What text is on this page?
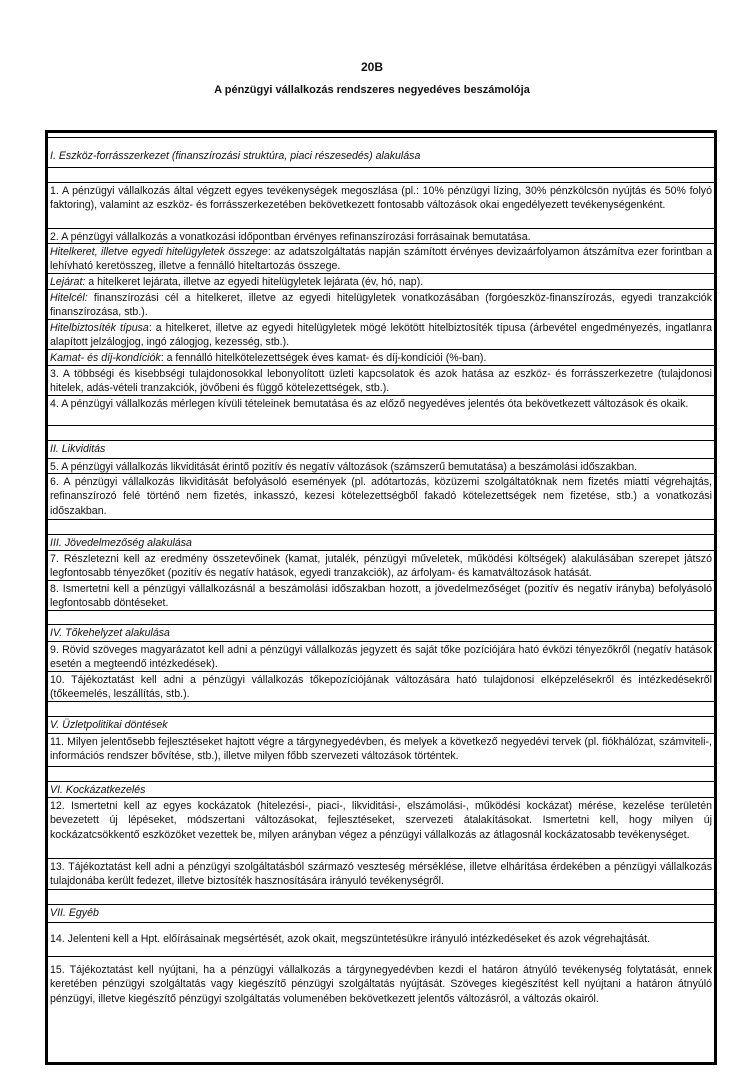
20B
A pénzügyi vállalkozás rendszeres negyedéves beszámolója
I. Eszköz-forrásszerkezet (finanszírozási struktúra, piaci részesedés) alakulása
1. A pénzügyi vállalkozás által végzett egyes tevékenységek megoszlása (pl.: 10% pénzügyi lízing, 30% pénzkölcsön nyújtás és 50% folyó faktoring), valamint az eszköz- és forrásszerkezetében bekövetkezett fontosabb változások okai engedélyezett tevékenységenként.
2. A pénzügyi vállalkozás a vonatkozási időpontban érvényes refinanszírozási forrásainak bemutatása.
Hitelkeret, illetve egyedi hitelügyletek összege: az adatszolgáltatás napján számított érvényes devizaárfolyamon átszámítva ezer forintban a lehívható keretösszeg, illetve a fennálló hiteltartozás összege.
Lejárat: a hitelkeret lejárata, illetve az egyedi hitelügyletek lejárata (év, hó, nap).
Hitelcél: finanszírozási cél a hitelkeret, illetve az egyedi hitelügyletek vonatkozásában (forgóeszköz-finanszírozás, egyedi tranzakciók finanszírozása, stb.).
Hitelbiztosíték típusa: a hitelkeret, illetve az egyedi hitelügyletek mögé lekötött hitelbiztosíték típusa (árbevétel engedményezés, ingatlanra alapított jelzálogjog, ingó zálogjog, kezesség, stb.).
Kamat- és díj-kondíciók: a fennálló hitelkötelezettségek éves kamat- és díj-kondíciói (%-ban).
3. A többségi és kisebbségi tulajdonosokkal lebonyolított üzleti kapcsolatok és azok hatása az eszköz- és forrásszerkezetre (tulajdonosi hitelek, adás-vételi tranzakciók, jövőbeni és függő kötelezettségek, stb.).
4. A pénzügyi vállalkozás mérlegen kívüli tételeinek bemutatása és az előző negyedéves jelentés óta bekövetkezett változások és okaik.
II. Likviditás
5. A pénzügyi vállalkozás likviditását érintő pozitív és negatív változások (számszerű bemutatása) a beszámolási időszakban.
6. A pénzügyi vállalkozás likviditását befolyásoló események (pl. adótartozás, közüzemi szolgáltatóknak nem fizetés miatti végrehajtás, refinanszírozó felé történő nem fizetés, inkasszó, kezesi kötelezettségből fakadó kötelezettségek nem fizetése, stb.) a vonatkozási időszakban.
III. Jövedelmezőség alakulása
7. Részletezni kell az eredmény összetevőinek (kamat, jutalék, pénzügyi műveletek, működési költségek) alakulásában szerepet játszó legfontosabb tényezőket (pozitív és negatív hatások, egyedi tranzakciók), az árfolyam- és kamatváltozások hatását.
8. Ismertetni kell a pénzügyi vállalkozásnál a beszámolási időszakban hozott, a jövedelmezőséget (pozitív és negatív irányba) befolyásoló legfontosabb döntéseket.
IV. Tőkehelyzet alakulása
9. Rövid szöveges magyarázatot kell adni a pénzügyi vállalkozás jegyzett és saját tőke pozíciójára ható évközi tényezőkről (negatív hatások esetén a megteendő intézkedések).
10. Tájékoztatást kell adni a pénzügyi vállalkozás tőkepozíciójának változására ható tulajdonosi elképzelésekről és intézkedésekről (tőkeemelés, leszállítás, stb.).
V. Üzletpolitikai döntések
11. Milyen jelentősebb fejlesztéseket hajtott végre a tárgynegyedévben, és melyek a következő negyedévi tervek (pl. fiókhálózat, számviteli-, információs rendszer bővítése, stb.), illetve milyen főbb szervezeti változások történtek.
VI. Kockázatkezelés
12. Ismertetni kell az egyes kockázatok (hitelezési-, piaci-, likviditási-, elszámolási-, működési kockázat) mérése, kezelése területén bevezetett új lépéseket, módszertani változásokat, fejlesztéseket, szervezeti átalakításokat. Ismertetni kell, hogy milyen új kockázatcsökkentő eszközöket vezettek be, milyen arányban végez a pénzügyi vállalkozás az átlagosnál kockázatosabb tevékenységet.
13. Tájékoztatást kell adni a pénzügyi szolgáltatásból származó veszteség mérséklése, illetve elhárítása érdekében a pénzügyi vállalkozás tulajdonába került fedezet, illetve biztosíték hasznosítására irányuló tevékenységről.
VII. Egyéb
14. Jelenteni kell a Hpt. előírásainak megsértését, azok okait, megszüntetésükre irányuló intézkedéseket és azok végrehajtását.
15. Tájékoztatást kell nyújtani, ha a pénzügyi vállalkozás a tárgynegyedévben kezdi el határon átnyúló tevékenység folytatását, ennek keretében pénzügyi szolgáltatás vagy kiegészítő pénzügyi szolgáltatás nyújtását. Szöveges kiegészítést kell nyújtani a határon átnyúló pénzügyi, illetve kiegészítő pénzügyi szolgáltatás volumenében bekövetkezett jelentős változásról, a változás okairól.
